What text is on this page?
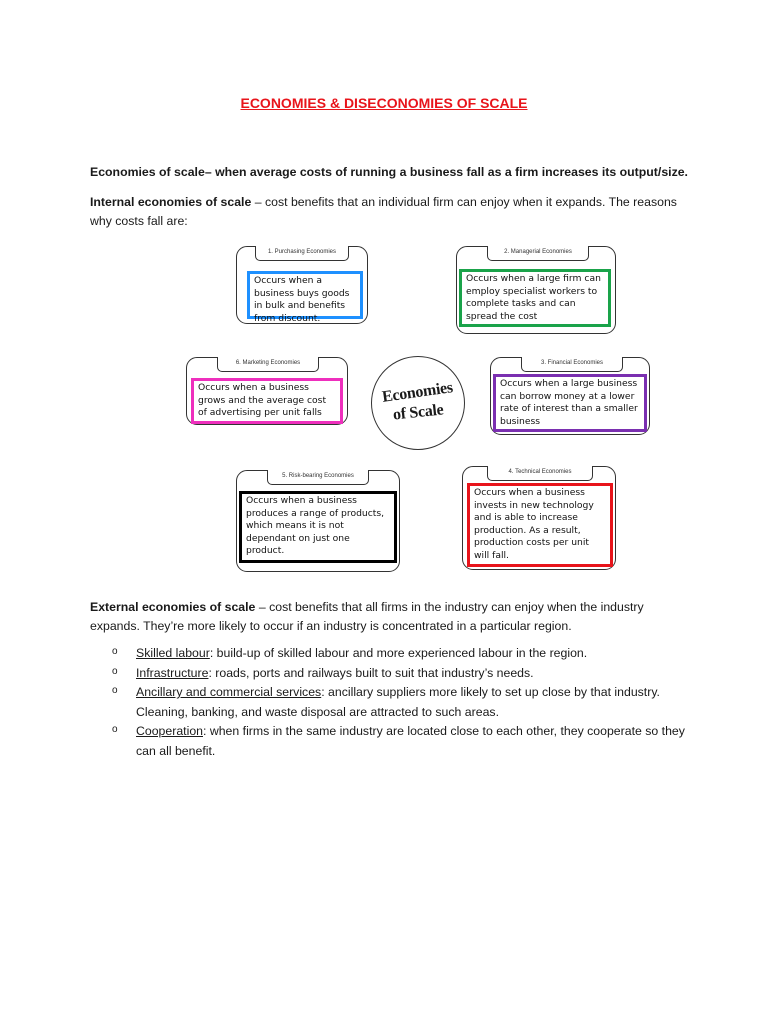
ECONOMIES & DISECONOMIES OF SCALE
Economies of scale– when average costs of running a business fall as a firm increases its output/size.
Internal economies of scale – cost benefits that an individual firm can enjoy when it expands. The reasons why costs fall are:
1. Purchasing Economies
Occurs when a business buys goods in bulk and benefits from discount.
2. Managerial Economies
Occurs when a large firm can employ specialist workers to complete tasks and can spread the cost
6. Marketing Economies
Occurs when a business grows and the average cost of advertising per unit falls
Economies
of Scale
3. Financial Economies
Occurs when a large business can borrow money at a lower rate of interest than a smaller business
5. Risk-bearing Economies
Occurs when a business produces a range of products, which means it is not dependant on just one product.
4. Technical Economies
Occurs when a business invests in new technology and is able to increase production. As a result, production costs per unit will fall.
External economies of scale – cost benefits that all firms in the industry can enjoy when the industry expands. They’re more likely to occur if an industry is concentrated in a particular region.
o Skilled labour: build-up of skilled labour and more experienced labour in the region.
o Infrastructure: roads, ports and railways built to suit that industry’s needs.
o Ancillary and commercial services: ancillary suppliers more likely to set up close by that industry. Cleaning, banking, and waste disposal are attracted to such areas.
o Cooperation: when firms in the same industry are located close to each other, they cooperate so they can all benefit.
